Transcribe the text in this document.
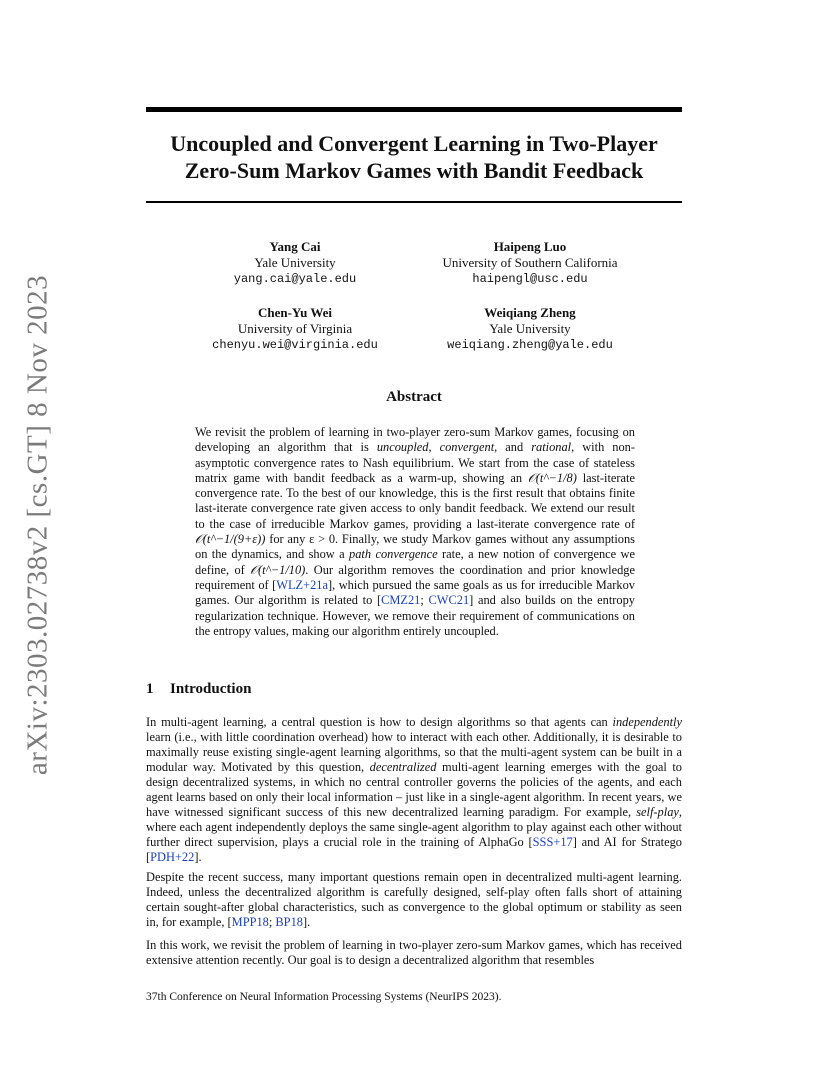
arXiv:2303.02738v2 [cs.GT] 8 Nov 2023
Uncoupled and Convergent Learning in Two-Player
Zero-Sum Markov Games with Bandit Feedback
Yang Cai
Yale University
yang.cai@yale.edu
Haipeng Luo
University of Southern California
haipengl@usc.edu
Chen-Yu Wei
University of Virginia
chenyu.wei@virginia.edu
Weiqiang Zheng
Yale University
weiqiang.zheng@yale.edu
Abstract

We revisit the problem of learning in two-player zero-sum Markov games, focusing on developing an algorithm that is uncoupled, convergent, and rational, with non-asymptotic convergence rates to Nash equilibrium. We start from the case of stateless matrix game with bandit feedback as a warm-up, showing an 𝒪(t^−1/8) last-iterate convergence rate. To the best of our knowledge, this is the first result that obtains finite last-iterate convergence rate given access to only bandit feedback. We extend our result to the case of irreducible Markov games, providing a last-iterate convergence rate of 𝒪(t^−1/(9+ε)) for any ε > 0. Finally, we study Markov games without any assumptions on the dynamics, and show a path convergence rate, a new notion of convergence we define, of 𝒪(t^−1/10). Our algorithm removes the coordination and prior knowledge requirement of [WLZ+21a], which pursued the same goals as us for irreducible Markov games. Our algorithm is related to [CMZ21; CWC21] and also builds on the entropy regularization technique. However, we remove their requirement of communications on the entropy values, making our algorithm entirely uncoupled.

1 Introduction

In multi-agent learning, a central question is how to design algorithms so that agents can independently learn (i.e., with little coordination overhead) how to interact with each other. Additionally, it is desirable to maximally reuse existing single-agent learning algorithms, so that the multi-agent system can be built in a modular way. Motivated by this question, decentralized multi-agent learning emerges with the goal to design decentralized systems, in which no central controller governs the policies of the agents, and each agent learns based on only their local information – just like in a single-agent algorithm. In recent years, we have witnessed significant success of this new decentralized learning paradigm. For example, self-play, where each agent independently deploys the same single-agent algorithm to play against each other without further direct supervision, plays a crucial role in the training of AlphaGo [SSS+17] and AI for Stratego [PDH+22].

Despite the recent success, many important questions remain open in decentralized multi-agent learning. Indeed, unless the decentralized algorithm is carefully designed, self-play often falls short of attaining certain sought-after global characteristics, such as convergence to the global optimum or stability as seen in, for example, [MPP18; BP18].

In this work, we revisit the problem of learning in two-player zero-sum Markov games, which has received extensive attention recently. Our goal is to design a decentralized algorithm that resembles

37th Conference on Neural Information Processing Systems (NeurIPS 2023).
